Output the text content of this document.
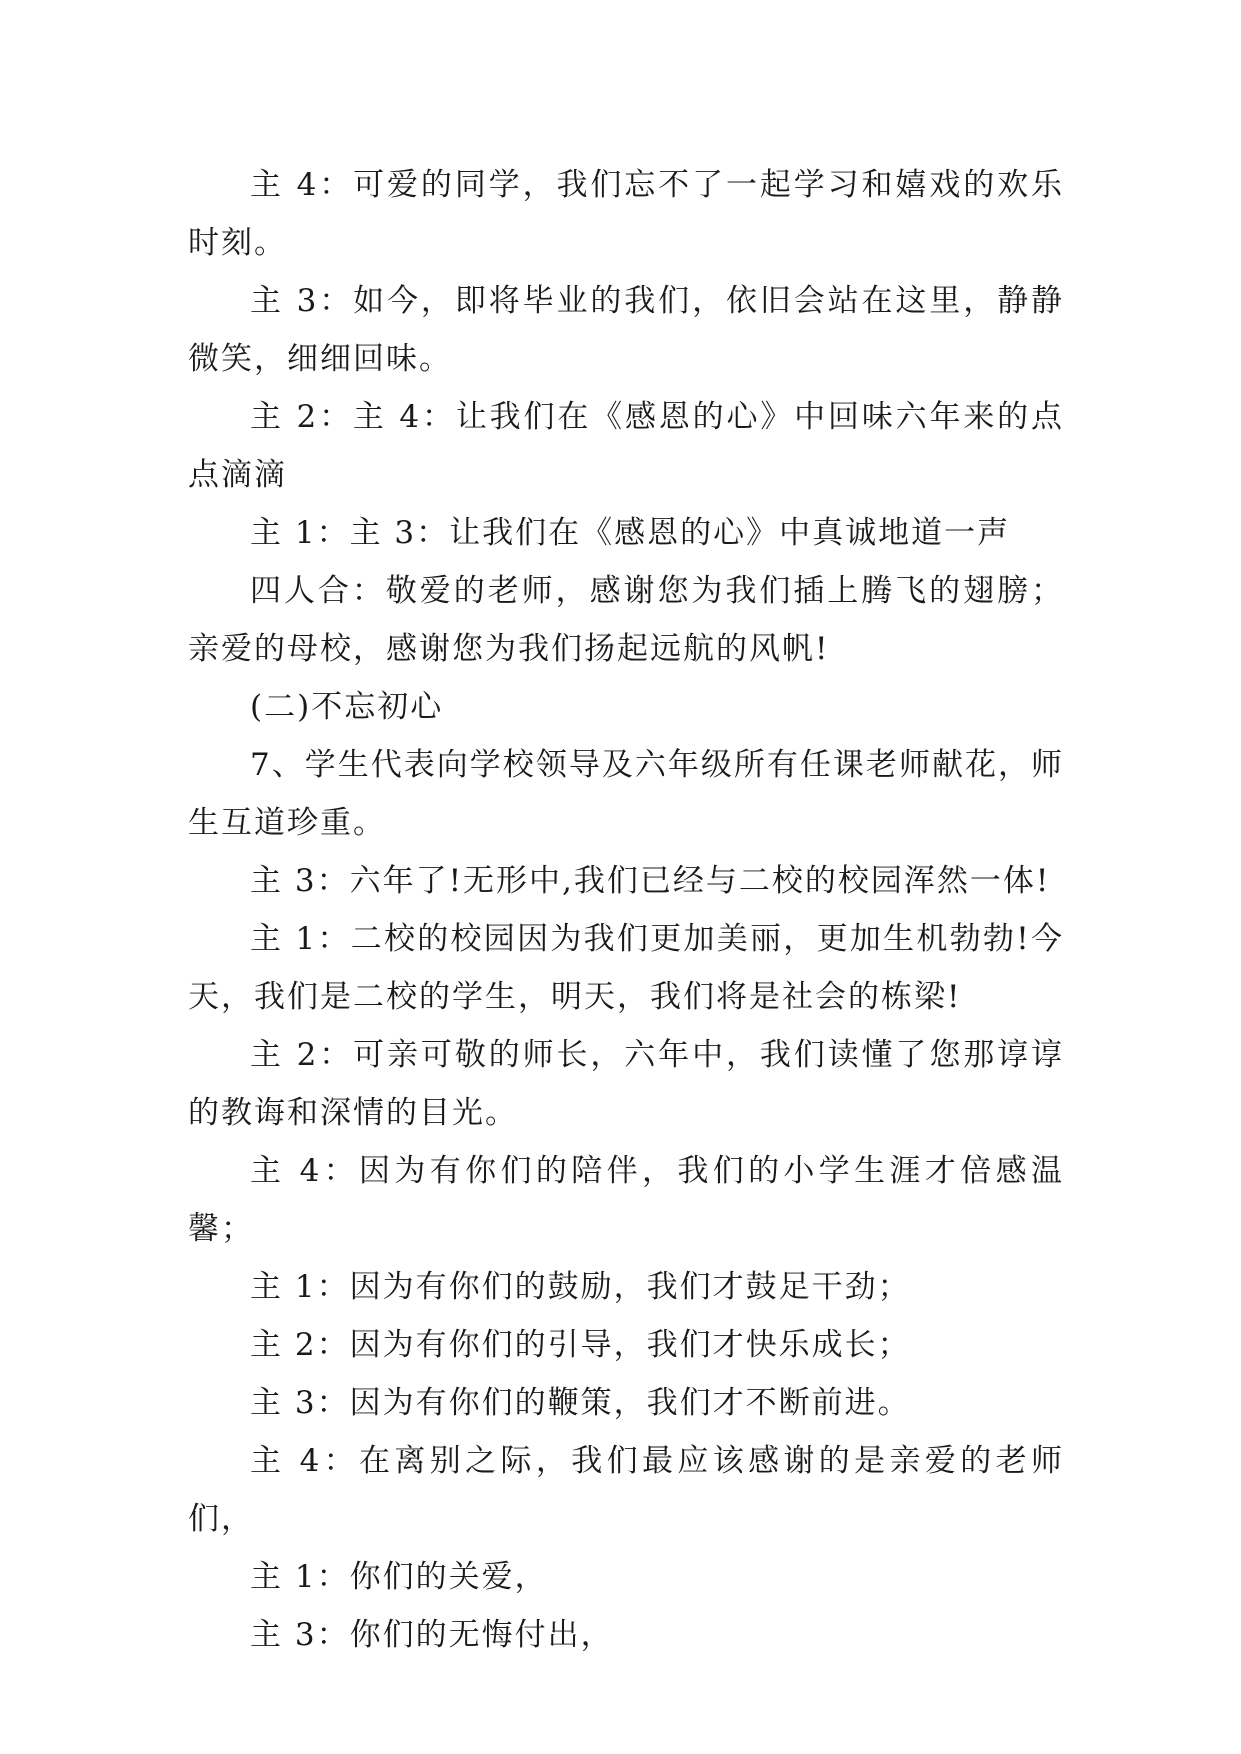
主 4：可爱的同学，我们忘不了一起学习和嬉戏的欢乐时刻。

主 3：如今，即将毕业的我们，依旧会站在这里，静静微笑，细细回味。

主 2：主 4：让我们在《感恩的心》中回味六年来的点点滴滴

主 1：主 3：让我们在《感恩的心》中真诚地道一声

四人合：敬爱的老师，感谢您为我们插上腾飞的翅膀；亲爱的母校，感谢您为我们扬起远航的风帆!

(二)不忘初心

7、学生代表向学校领导及六年级所有任课老师献花，师生互道珍重。

主 3：六年了!无形中,我们已经与二校的校园浑然一体!

主 1：二校的校园因为我们更加美丽，更加生机勃勃!今天，我们是二校的学生，明天，我们将是社会的栋梁!

主 2：可亲可敬的师长，六年中，我们读懂了您那谆谆的教诲和深情的目光。

主 4：因为有你们的陪伴，我们的小学生涯才倍感温馨；

主 1：因为有你们的鼓励，我们才鼓足干劲；

主 2：因为有你们的引导，我们才快乐成长；

主 3：因为有你们的鞭策，我们才不断前进。

主 4：在离别之际，我们最应该感谢的是亲爱的老师们，

主 1：你们的关爱，

主 3：你们的无悔付出，
